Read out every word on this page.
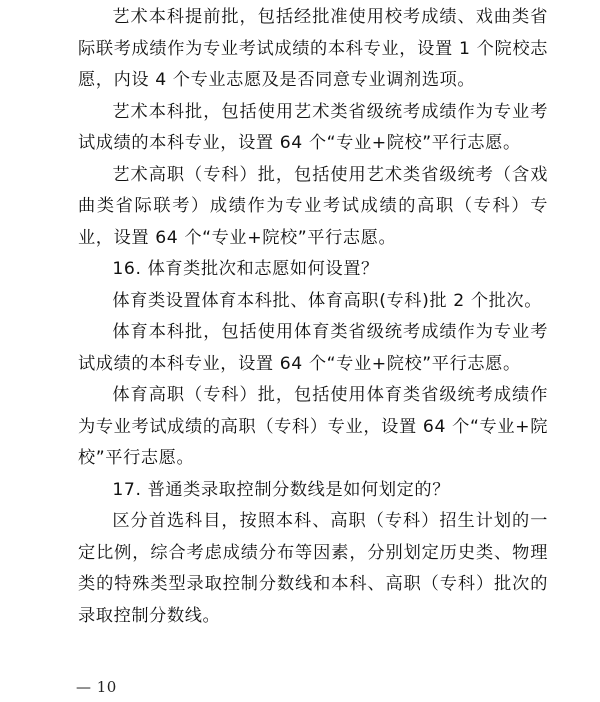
艺术本科提前批，包括经批准使用校考成绩、戏曲类省际联考成绩作为专业考试成绩的本科专业，设置 1 个院校志愿，内设 4 个专业志愿及是否同意专业调剂选项。

艺术本科批，包括使用艺术类省级统考成绩作为专业考试成绩的本科专业，设置 64 个“专业+院校”平行志愿。

艺术高职（专科）批，包括使用艺术类省级统考（含戏曲类省际联考）成绩作为专业考试成绩的高职（专科）专业，设置 64 个“专业+院校”平行志愿。

16. 体育类批次和志愿如何设置？

体育类设置体育本科批、体育高职(专科)批 2 个批次。

体育本科批，包括使用体育类省级统考成绩作为专业考试成绩的本科专业，设置 64 个“专业+院校”平行志愿。

体育高职（专科）批，包括使用体育类省级统考成绩作为专业考试成绩的高职（专科）专业，设置 64 个“专业+院校”平行志愿。

17. 普通类录取控制分数线是如何划定的？

区分首选科目，按照本科、高职（专科）招生计划的一定比例，综合考虑成绩分布等因素，分别划定历史类、物理类的特殊类型录取控制分数线和本科、高职（专科）批次的录取控制分数线。

— 10
